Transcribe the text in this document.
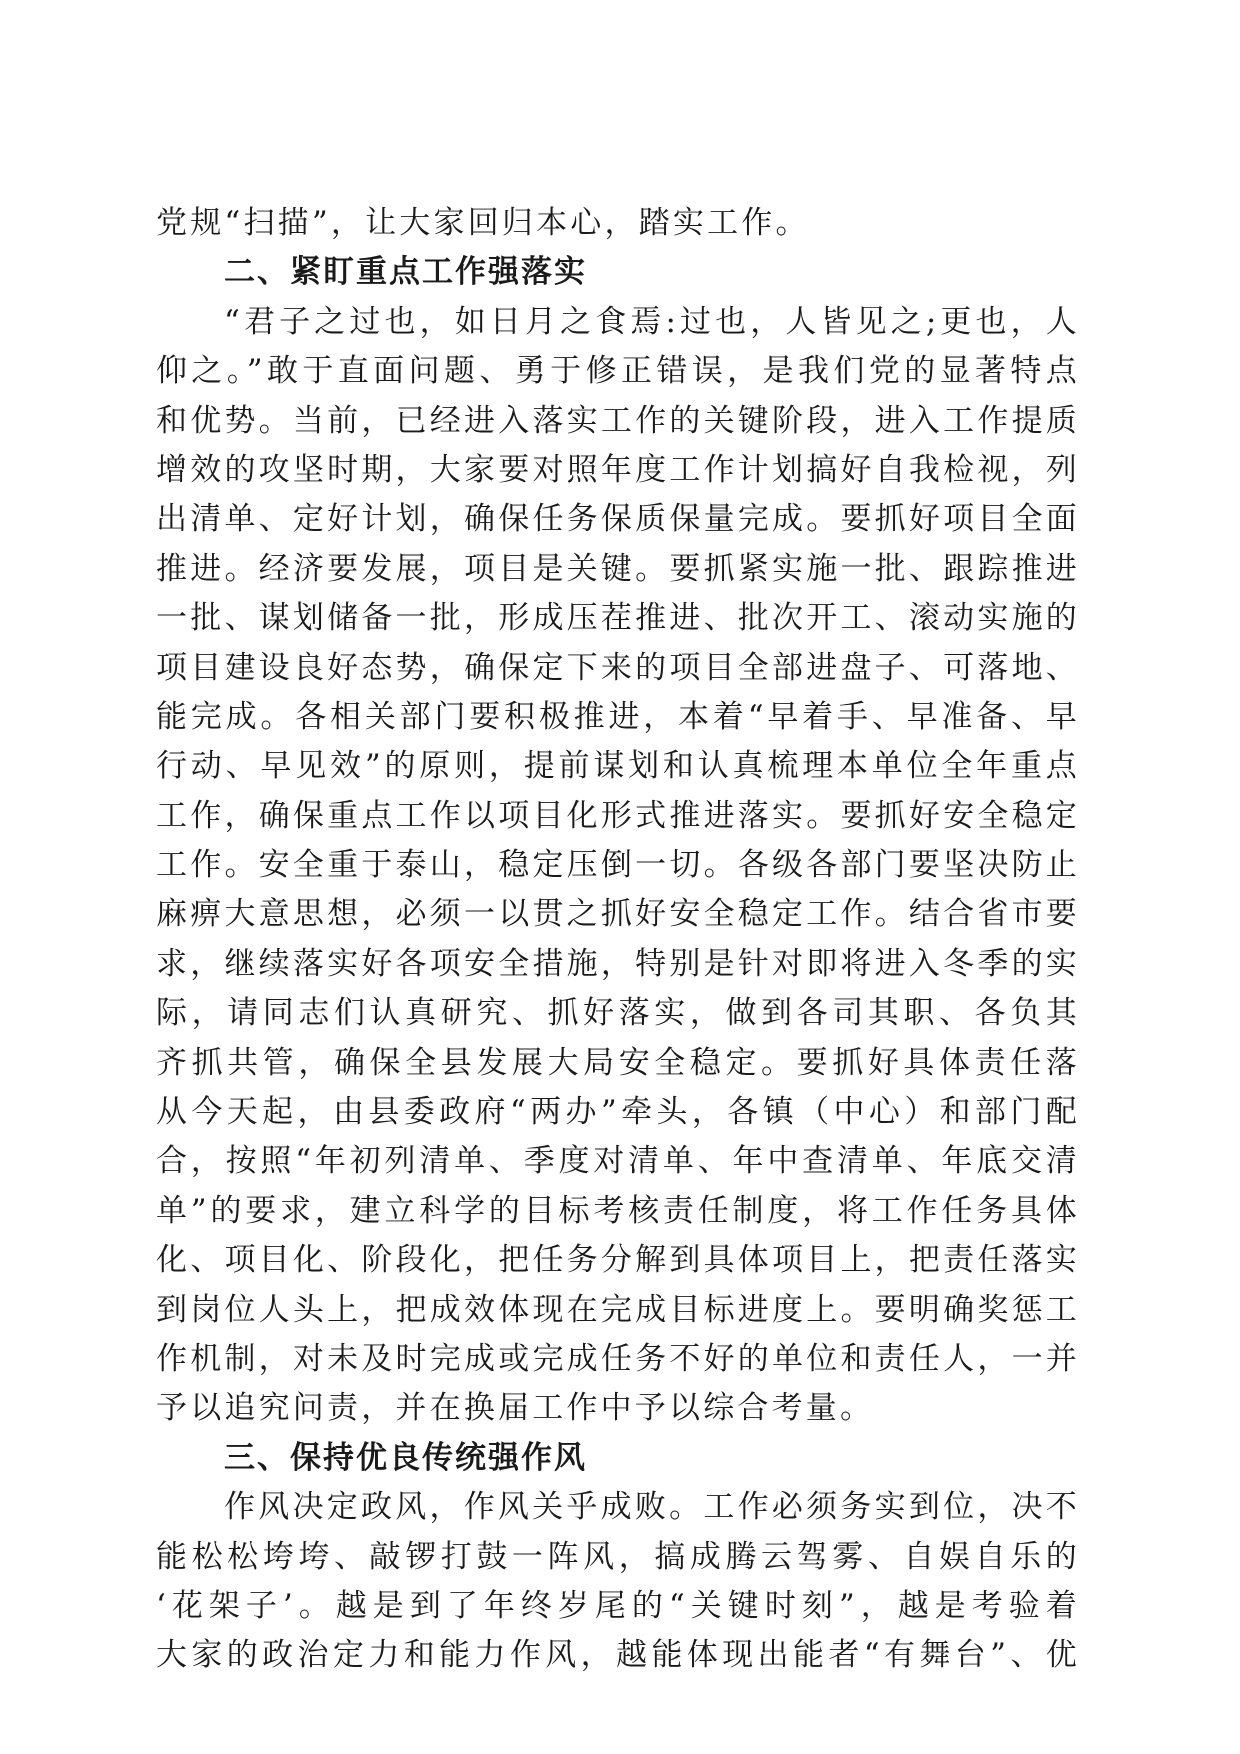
党规“扫描”，让大家回归本心，踏实工作。
二、紧盯重点工作强落实
“君子之过也，如日月之食焉:过也，人皆见之;更也，人
仰之。”敢于直面问题、勇于修正错误，是我们党的显著特点
和优势。当前，已经进入落实工作的关键阶段，进入工作提质
增效的攻坚时期，大家要对照年度工作计划搞好自我检视，列
出清单、定好计划，确保任务保质保量完成。要抓好项目全面
推进。经济要发展，项目是关键。要抓紧实施一批、跟踪推进
一批、谋划储备一批，形成压茬推进、批次开工、滚动实施的
项目建设良好态势，确保定下来的项目全部进盘子、可落地、
能完成。各相关部门要积极推进，本着“早着手、早准备、早
行动、早见效”的原则，提前谋划和认真梳理本单位全年重点
工作，确保重点工作以项目化形式推进落实。要抓好安全稳定
工作。安全重于泰山，稳定压倒一切。各级各部门要坚决防止
麻痹大意思想，必须一以贯之抓好安全稳定工作。结合省市要
求，继续落实好各项安全措施，特别是针对即将进入冬季的实
际，请同志们认真研究、抓好落实，做到各司其职、各负其
齐抓共管，确保全县发展大局安全稳定。要抓好具体责任落
从今天起，由县委政府“两办”牵头，各镇（中心）和部门配
合，按照“年初列清单、季度对清单、年中查清单、年底交清
单”的要求，建立科学的目标考核责任制度，将工作任务具体
化、项目化、阶段化，把任务分解到具体项目上，把责任落实
到岗位人头上，把成效体现在完成目标进度上。要明确奖惩工
作机制，对未及时完成或完成任务不好的单位和责任人，一并
予以追究问责，并在换届工作中予以综合考量。
三、保持优良传统强作风
作风决定政风，作风关乎成败。工作必须务实到位，决不
能松松垮垮、敲锣打鼓一阵风，搞成腾云驾雾、自娱自乐的
‘花架子’。越是到了年终岁尾的“关键时刻”，越是考验着
大家的政治定力和能力作风，越能体现出能者“有舞台”、优
